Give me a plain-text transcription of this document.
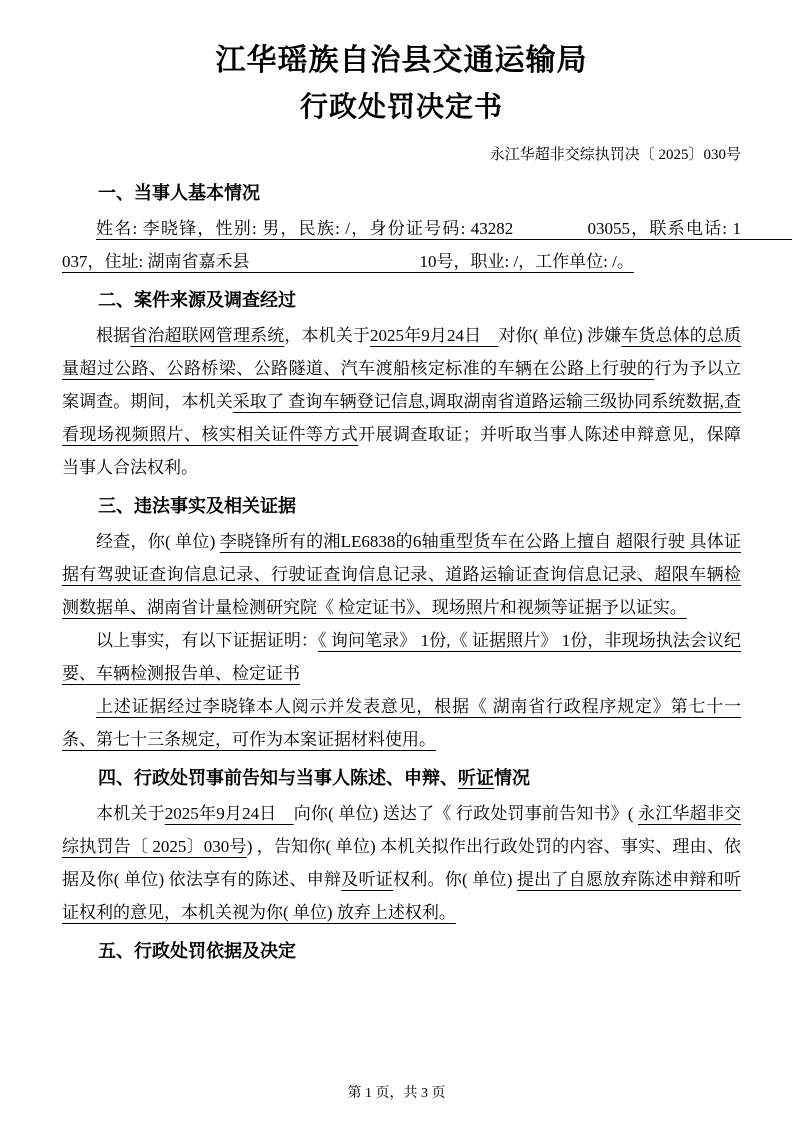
江华瑶族自治县交通运输局
行政处罚决定书
永江华超非交综执罚决〔 2025〕030号

一、当事人基本情况

姓名: 李晓锋，性别: 男，民族: /，身份证号码: 43282　　　　	03055，联系电话: 1　　　037，住址: 湖南省嘉禾县　　　　　　　　　　	10号，职业: /，工作单位: /。

二、案件来源及调查经过

根据省治超联网管理系统，本机关于2025年9月24日　对你( 单位) 涉嫌车货总体的总质量超过公路、公路桥梁、公路隧道、汽车渡船核定标准的车辆在公路上行驶的行为予以立案调查。期间，本机关采取了 查询车辆登记信息,调取湖南省道路运输三级协同系统数据,查看现场视频照片、核实相关证件等方式开展调查取证；并听取当事人陈述申辩意见，保障当事人合法权利。

三、违法事实及相关证据

经查，你( 单位) 李晓锋所有的湘LE6838的6轴重型货车在公路上擅自 超限行驶 具体证据有驾驶证查询信息记录、行驶证查询信息记录、道路运输证查询信息记录、超限车辆检测数据单、湖南省计量检测研究院《 检定证书》、现场照片和视频等证据予以证实。

以上事实，有以下证据证明：《 询问笔录》 1份,《 证据照片》 1份，非现场执法会议纪要、车辆检测报告单、检定证书

上述证据经过李晓锋本人阅示并发表意见，根据《 湖南省行政程序规定》第七十一条、第七十三条规定，可作为本案证据材料使用。

四、行政处罚事前告知与当事人陈述、申辩、听证情况

本机关于2025年9月24日　向你( 单位) 送达了《 行政处罚事前告知书》( 永江华超非交综执罚告〔 2025〕030号) ，告知你( 单位) 本机关拟作出行政处罚的内容、事实、理由、依据及你( 单位) 依法享有的陈述、申辩及听证权利。你( 单位) 提出了自愿放弃陈述申辩和听证权利的意见，本机关视为你( 单位) 放弃上述权利。

五、行政处罚依据及决定

第 1 页，共 3 页
